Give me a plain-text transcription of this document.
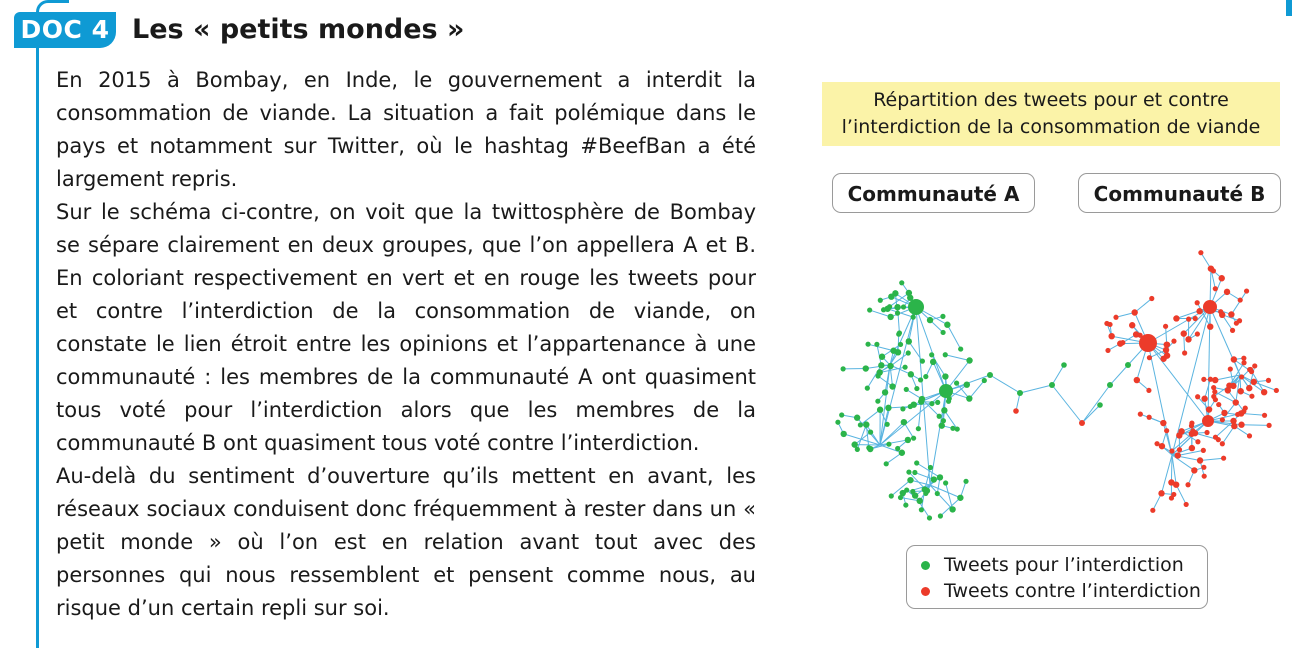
DOC 4 Les « petits mondes »

En 2015 à Bombay, en Inde, le gouvernement a interdit la consommation de viande. La situation a fait polémique dans le pays et notamment sur Twitter, où le hashtag #BeefBan a été largement repris.

Sur le schéma ci-contre, on voit que la twittosphère de Bombay se sépare clairement en deux groupes, que l’on appellera A et B. En coloriant respectivement en vert et en rouge les tweets pour et contre l’interdiction de la consommation de viande, on constate le lien étroit entre les opinions et l’appartenance à une communauté : les membres de la communauté A ont quasiment tous voté pour l’interdiction alors que les membres de la communauté B ont quasiment tous voté contre l’interdiction.

Au-delà du sentiment d’ouverture qu’ils mettent en avant, les réseaux sociaux conduisent donc fréquemment à rester dans un « petit monde » où l’on est en relation avant tout avec des personnes qui nous ressemblent et pensent comme nous, au risque d’un certain repli sur soi.

Répartition des tweets pour et contre
l’interdiction de la consommation de viande
Communauté A	Communauté B
Tweets pour l’interdiction
Tweets contre l’interdiction
